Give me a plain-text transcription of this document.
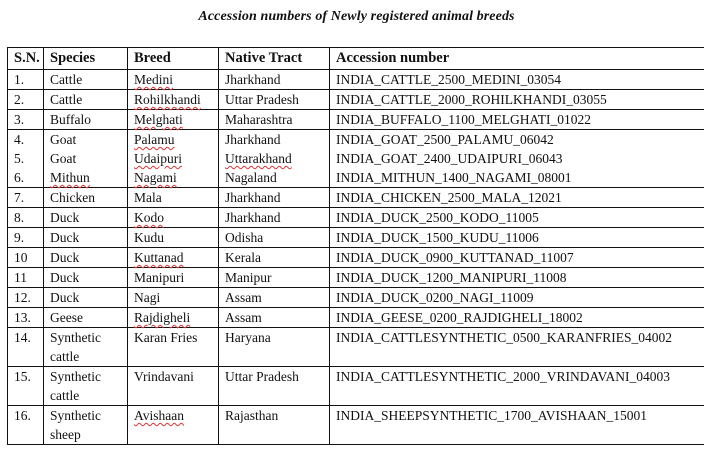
Accession numbers of Newly registered animal breeds
S.N.	Species	Breed	Native Tract	Accession number
1.	Cattle	Medini	Jharkhand	INDIA_CATTLE_2500_MEDINI_03054
2.	Cattle	Rohilkhandi	Uttar Pradesh	INDIA_CATTLE_2000_ROHILKHANDI_03055
3.	Buffalo	Melghati	Maharashtra	INDIA_BUFFALO_1100_MELGHATI_01022
4.	Goat	Palamu	Jharkhand	INDIA_GOAT_2500_PALAMU_06042
5.	Goat	Udaipuri	Uttarakhand	INDIA_GOAT_2400_UDAIPURI_06043
6.	Mithun	Nagami	Nagaland	INDIA_MITHUN_1400_NAGAMI_08001
7.	Chicken	Mala	Jharkhand	INDIA_CHICKEN_2500_MALA_12021
8.	Duck	Kodo	Jharkhand	INDIA_DUCK_2500_KODO_11005
9.	Duck	Kudu	Odisha	INDIA_DUCK_1500_KUDU_11006
10	Duck	Kuttanad	Kerala	INDIA_DUCK_0900_KUTTANAD_11007
11	Duck	Manipuri	Manipur	INDIA_DUCK_1200_MANIPURI_11008
12.	Duck	Nagi	Assam	INDIA_DUCK_0200_NAGI_11009
13.	Geese	Rajdigheli	Assam	INDIA_GEESE_0200_RAJDIGHELI_18002
14.	Synthetic cattle	Karan Fries	Haryana	INDIA_CATTLESYNTHETIC_0500_KARANFRIES_04002
15.	Synthetic cattle	Vrindavani	Uttar Pradesh	INDIA_CATTLESYNTHETIC_2000_VRINDAVANI_04003
16.	Synthetic sheep	Avishaan	Rajasthan	INDIA_SHEEPSYNTHETIC_1700_AVISHAAN_15001
